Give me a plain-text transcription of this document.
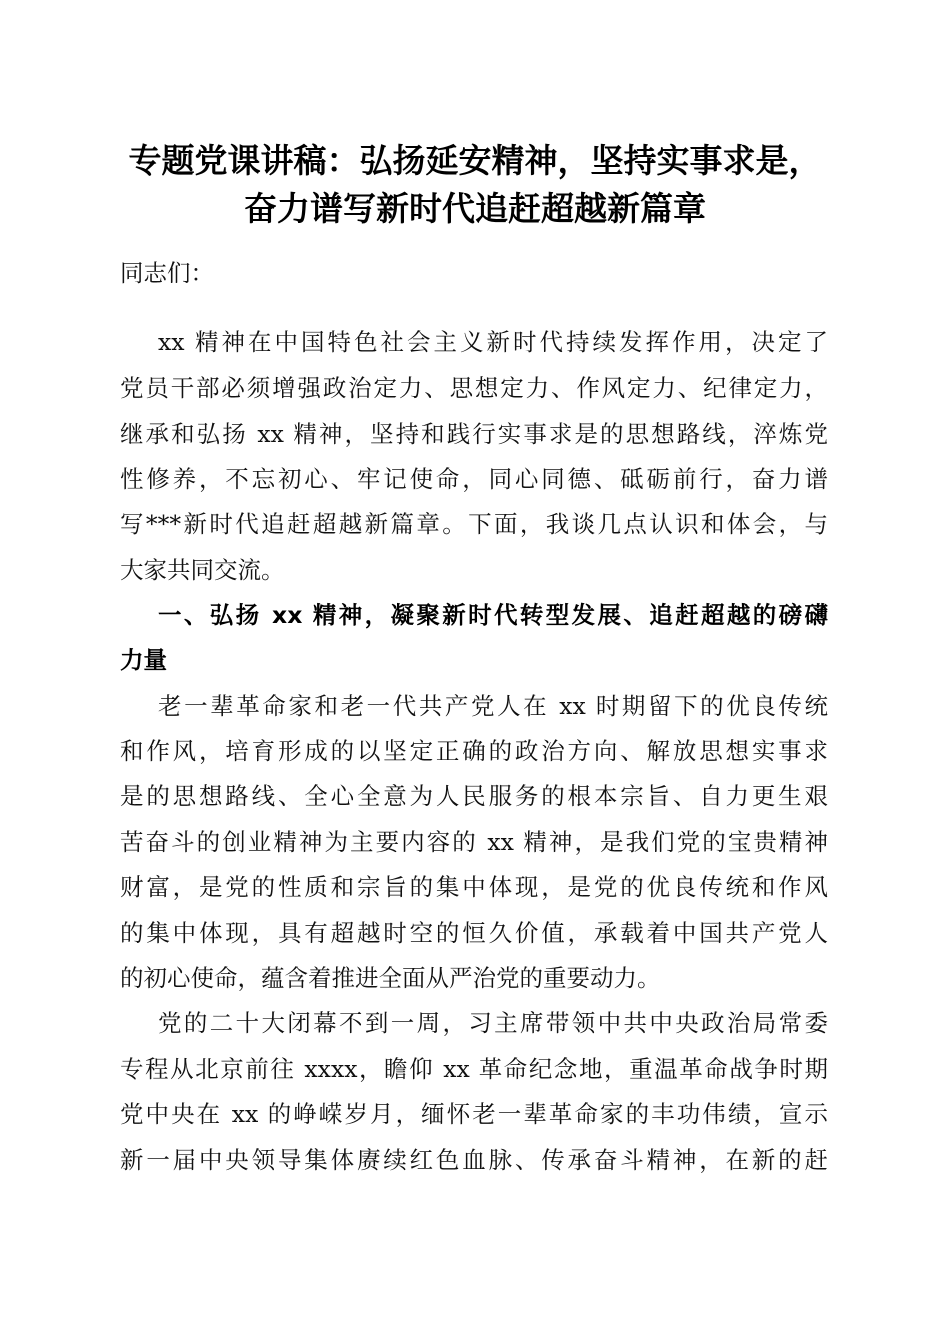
专题党课讲稿：弘扬延安精神，坚持实事求是，
奋力谱写新时代追赶超越新篇章
同志们：
xx 精神在中国特色社会主义新时代持续发挥作用，决定了
党员干部必须增强政治定力、思想定力、作风定力、纪律定力，
继承和弘扬 xx 精神，坚持和践行实事求是的思想路线，淬炼党
性修养，不忘初心、牢记使命，同心同德、砥砺前行，奋力谱
写***新时代追赶超越新篇章。下面，我谈几点认识和体会，与
大家共同交流。
一、弘扬 xx 精神，凝聚新时代转型发展、追赶超越的磅礴
力量
老一辈革命家和老一代共产党人在 xx 时期留下的优良传统
和作风，培育形成的以坚定正确的政治方向、解放思想实事求
是的思想路线、全心全意为人民服务的根本宗旨、自力更生艰
苦奋斗的创业精神为主要内容的 xx 精神，是我们党的宝贵精神
财富，是党的性质和宗旨的集中体现，是党的优良传统和作风
的集中体现，具有超越时空的恒久价值，承载着中国共产党人
的初心使命，蕴含着推进全面从严治党的重要动力。
党的二十大闭幕不到一周，习主席带领中共中央政治局常委
专程从北京前往 xxxx，瞻仰 xx 革命纪念地，重温革命战争时期
党中央在 xx 的峥嵘岁月，缅怀老一辈革命家的丰功伟绩，宣示
新一届中央领导集体赓续红色血脉、传承奋斗精神，在新的赶
